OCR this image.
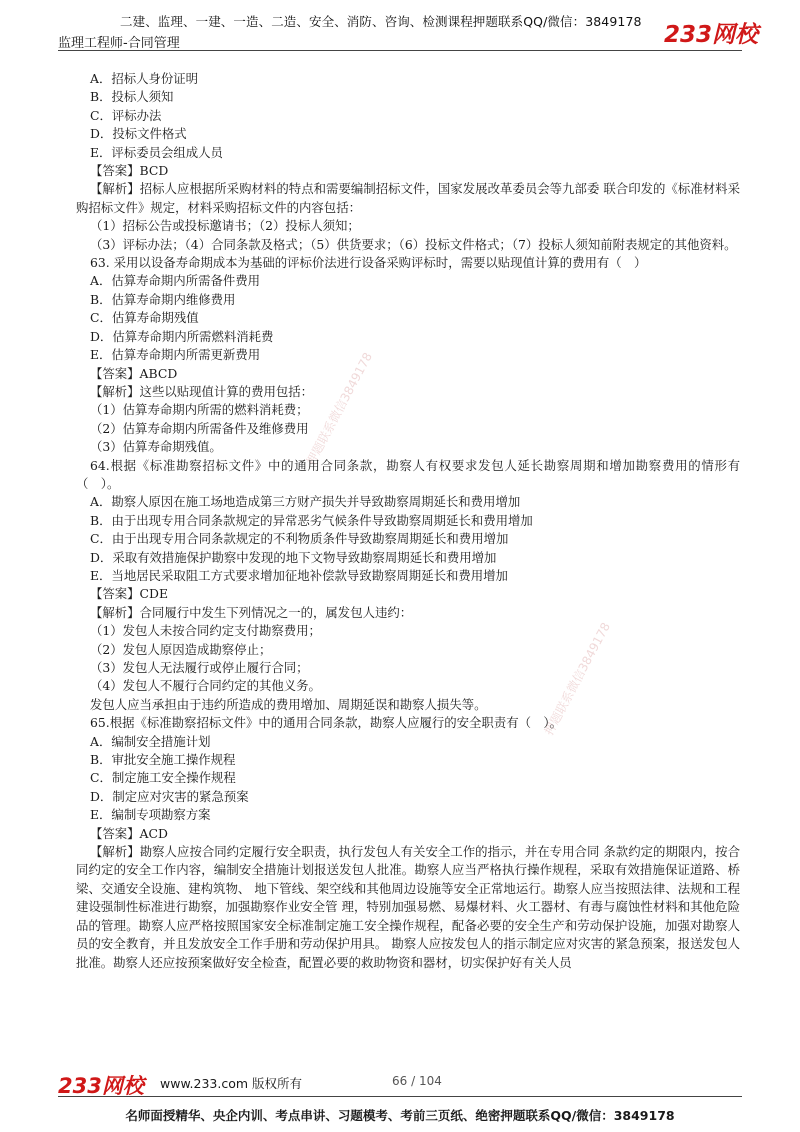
二建、监理、一建、一造、二造、安全、消防、咨询、检测课程押题联系QQ/微信：3849178
监理工程师-合同管理	233网校
押题联系微信3849178
押题联系微信3849178
A．招标人身份证明
B．投标人须知
C．评标办法
D．投标文件格式
E．评标委员会组成人员
【答案】BCD
【解析】招标人应根据所采购材料的特点和需要编制招标文件，国家发展改革委员会等九部委 联合印发的《标准材料采购招标文件》规定，材料采购招标文件的内容包括：
（1）招标公告或投标邀请书；（2）投标人须知；
（3）评标办法；（4）合同条款及格式；（5）供货要求；（6）投标文件格式；（7）投标人须知前附表规定的其他资料。
63. 采用以设备寿命期成本为基础的评标价法进行设备采购评标时，需要以贴现值计算的费用有（　）
A．估算寿命期内所需备件费用
B．估算寿命期内维修费用
C．估算寿命期残值
D．估算寿命期内所需燃料消耗费
E．估算寿命期内所需更新费用
【答案】ABCD
【解析】这些以贴现值计算的费用包括：
（1）估算寿命期内所需的燃料消耗费；
（2）估算寿命期内所需备件及维修费用
（3）估算寿命期残值。
64.根据《标准勘察招标文件》中的通用合同条款，勘察人有权要求发包人延长勘察周期和增加勘察费用的情形有（　）。
A．勘察人原因在施工场地造成第三方财产损失并导致勘察周期延长和费用增加
B．由于出现专用合同条款规定的异常恶劣气候条件导致勘察周期延长和费用增加
C．由于出现专用合同条款规定的不利物质条件导致勘察周期延长和费用增加
D．采取有效措施保护勘察中发现的地下文物导致勘察周期延长和费用增加
E．当地居民采取阻工方式要求增加征地补偿款导致勘察周期延长和费用增加
【答案】CDE
【解析】合同履行中发生下列情况之一的，属发包人违约：
（1）发包人未按合同约定支付勘察费用；
（2）发包人原因造成勘察停止；
（3）发包人无法履行或停止履行合同；
（4）发包人不履行合同约定的其他义务。
发包人应当承担由于违约所造成的费用增加、周期延误和勘察人损失等。
65.根据《标准勘察招标文件》中的通用合同条款，勘察人应履行的安全职责有（　）。
A．编制安全措施计划
B．审批安全施工操作规程
C．制定施工安全操作规程
D．制定应对灾害的紧急预案
E．编制专项勘察方案
【答案】ACD
【解析】勘察人应按合同约定履行安全职责，执行发包人有关安全工作的指示，并在专用合同 条款约定的期限内，按合同约定的安全工作内容，编制安全措施计划报送发包人批准。勘察人应当严格执行操作规程，采取有效措施保证道路、桥梁、交通安全设施、建构筑物、 地下管线、架空线和其他周边设施等安全正常地运行。勘察人应当按照法律、法规和工程建设强制性标准进行勘察，加强勘察作业安全管 理，特别加强易燃、易爆材料、火工器材、有毒与腐蚀性材料和其他危险品的管理。勘察人应严格按照国家安全标准制定施工安全操作规程，配备必要的安全生产和劳动保护设施，加强对勘察人员的安全教育，并且发放安全工作手册和劳动保护用具。 勘察人应按发包人的指示制定应对灾害的紧急预案，报送发包人批准。勘察人还应按预案做好安全检查，配置必要的救助物资和器材，切实保护好有关人员
233网校 www.233.com 版权所有	66 / 104
名师面授精华、央企内训、考点串讲、习题模考、考前三页纸、绝密押题联系QQ/微信：3849178
